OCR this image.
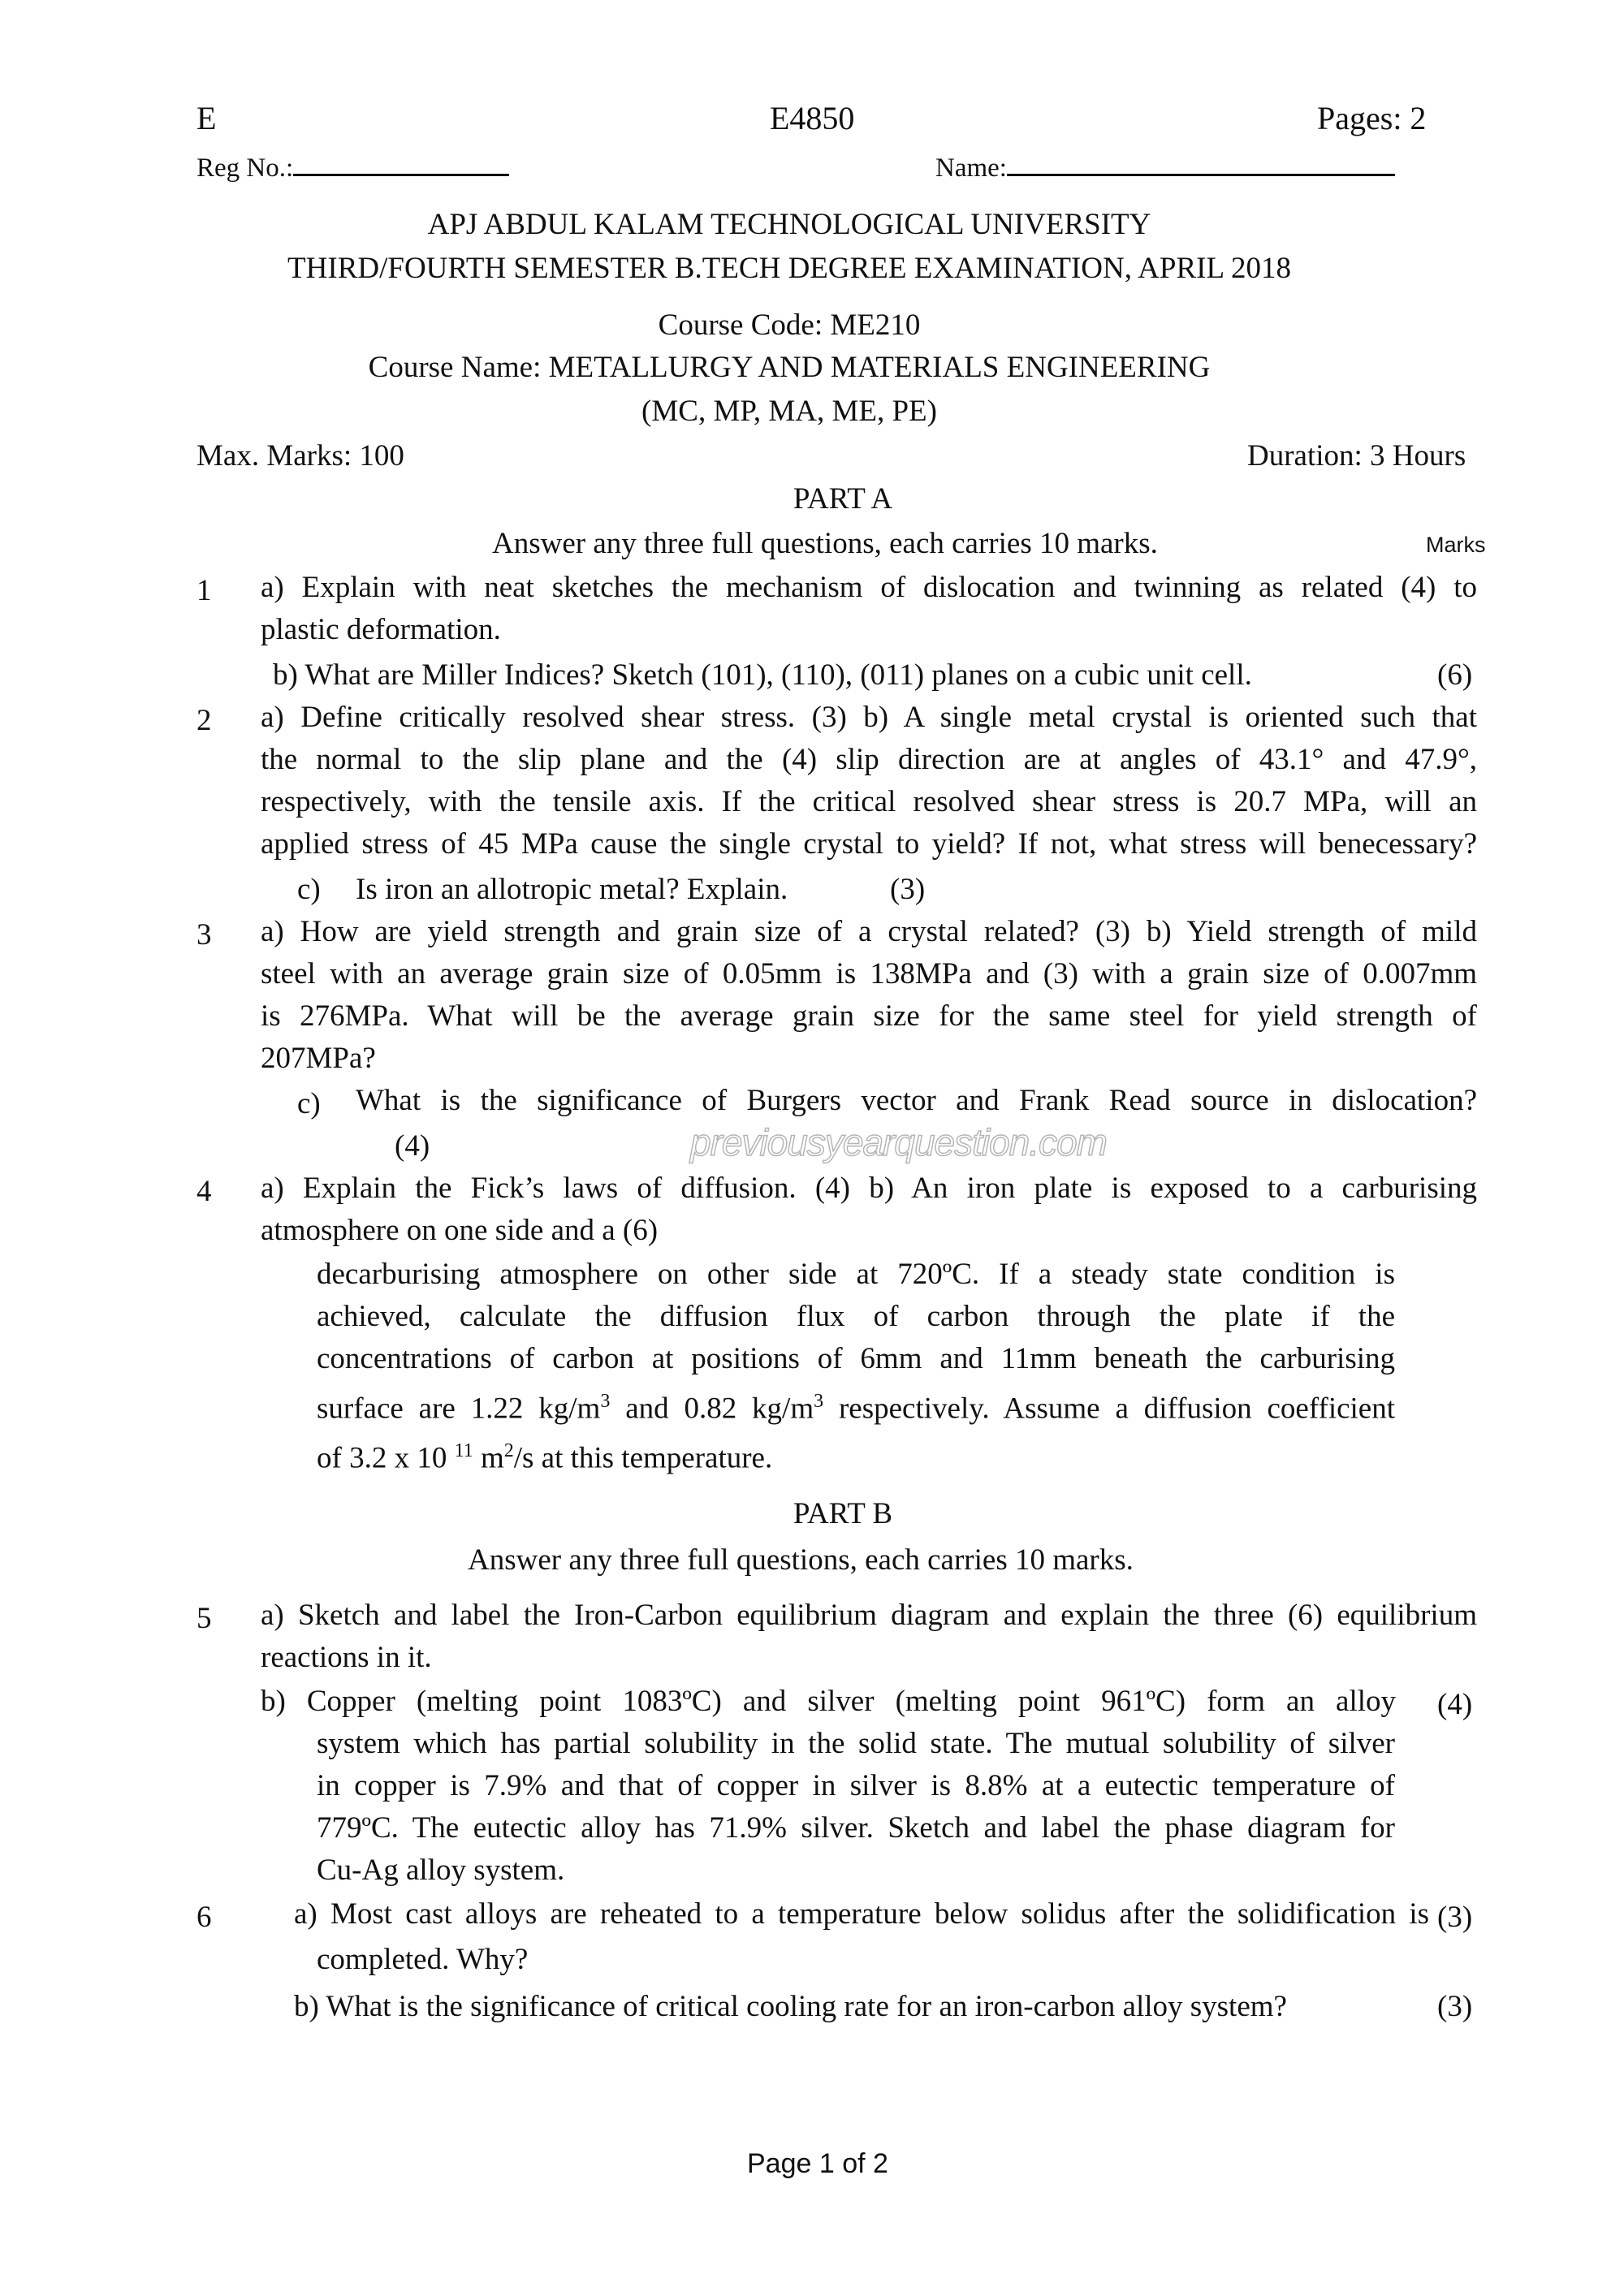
E	E4850	Pages: 2
Reg No.:	Name:
APJ ABDUL KALAM TECHNOLOGICAL UNIVERSITY
THIRD/FOURTH SEMESTER B.TECH DEGREE EXAMINATION, APRIL 2018
Course Code: ME210
Course Name: METALLURGY AND MATERIALS ENGINEERING
(MC, MP, MA, ME, PE)
Max. Marks: 100	Duration: 3 Hours
PART A
Answer any three full questions, each carries 10 marks.	Marks
1 a) Explain with neat sketches the mechanism of dislocation and twinning as related (4) to
plastic deformation.
b) What are Miller Indices? Sketch (101), (110), (011) planes on a cubic unit cell.	(6)
2 a) Define critically resolved shear stress. (3) b) A single metal crystal is oriented such that
the normal to the slip plane and the (4) slip direction are at angles of 43.1° and 47.9°,
respectively, with the tensile axis. If the critical resolved shear stress is 20.7 MPa, will an
applied stress of 45 MPa cause the single crystal to yield? If not, what stress will benecessary?
c) Is iron an allotropic metal? Explain.	(3)
3 a) How are yield strength and grain size of a crystal related? (3) b) Yield strength of mild
steel with an average grain size of 0.05mm is 138MPa and (3) with a grain size of 0.007mm
is 276MPa. What will be the average grain size for the same steel for yield strength of
207MPa?
c) What is the significance of Burgers vector and Frank Read source in dislocation?
(4)	previousyearquestion.com
4 a) Explain the Fick’s laws of diffusion. (4) b) An iron plate is exposed to a carburising
atmosphere on one side and a (6)
decarburising atmosphere on other side at 720ºC. If a steady state condition is
achieved, calculate the diffusion flux of carbon through the plate if the
concentrations of carbon at positions of 6mm and 11mm beneath the carburising
surface are 1.22 $kg/m^3$ and 0.82 $kg/m^3$ respectively. Assume a diffusion coefficient
of 3.2 x 10 $^{11}$ $m^2/s$ at this temperature.
PART B
Answer any three full questions, each carries 10 marks.
5 a) Sketch and label the Iron-Carbon equilibrium diagram and explain the three (6) equilibrium
reactions in it.
b) Copper (melting point 1083ºC) and silver (melting point 961ºC) form an alloy (4)
system which has partial solubility in the solid state. The mutual solubility of silver
in copper is 7.9% and that of copper in silver is 8.8% at a eutectic temperature of
779ºC. The eutectic alloy has 71.9% silver. Sketch and label the phase diagram for
Cu-Ag alloy system.
6	a) Most cast alloys are reheated to a temperature below solidus after the solidification is (3)
completed. Why?
b) What is the significance of critical cooling rate for an iron-carbon alloy system?	(3)
Page 1 of 2
